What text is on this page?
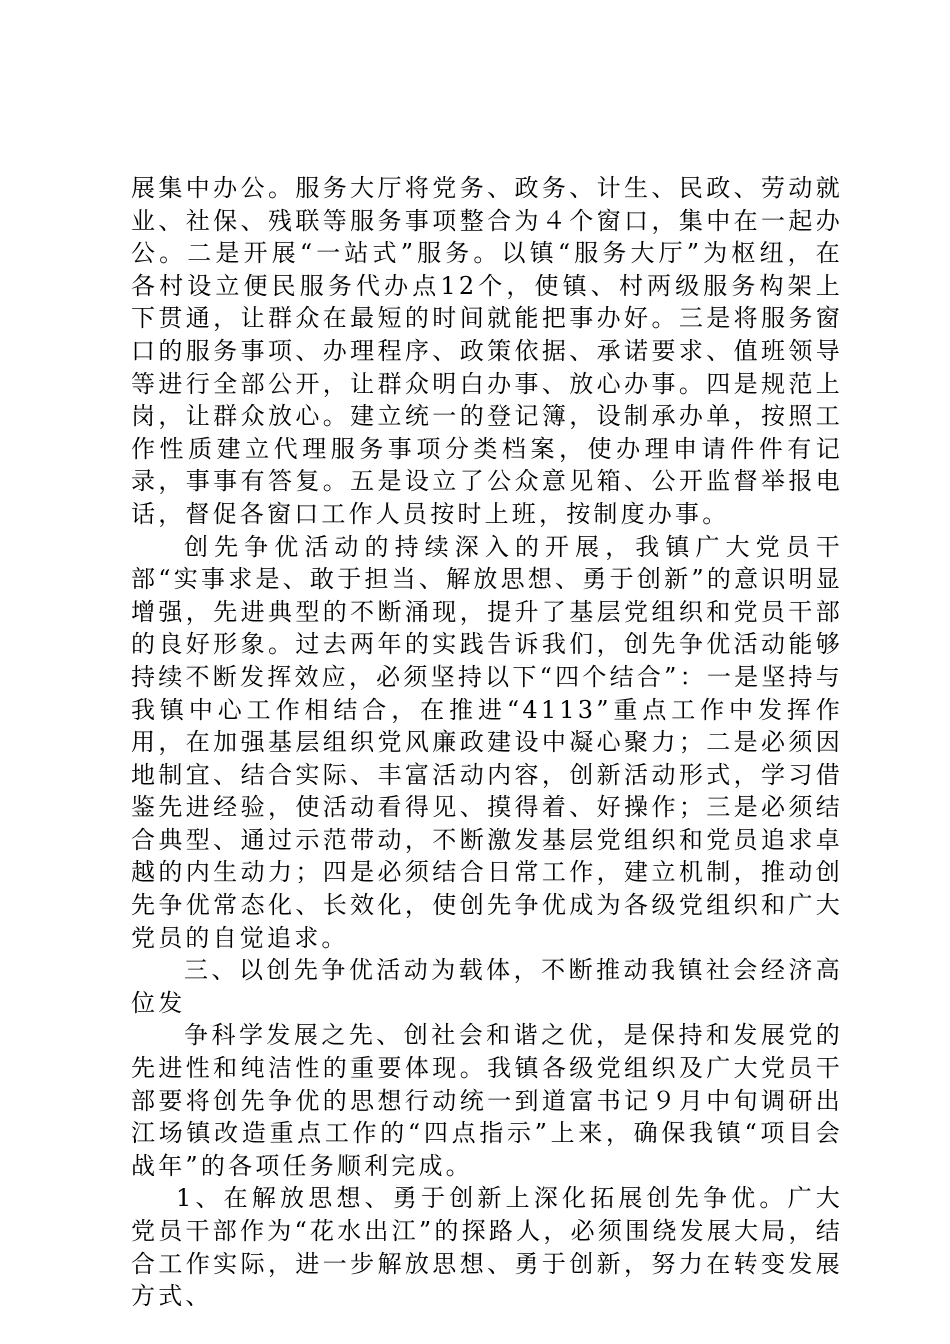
展集中办公。服务大厅将党务、政务、计生、民政、劳动就业、社保、残联等服务事项整合为４个窗口，集中在一起办公。二是开展“一站式”服务。以镇“服务大厅”为枢纽，在各村设立便民服务代办点12个，使镇、村两级服务构架上下贯通，让群众在最短的时间就能把事办好。三是将服务窗口的服务事项、办理程序、政策依据、承诺要求、值班领导等进行全部公开，让群众明白办事、放心办事。四是规范上岗，让群众放心。建立统一的登记簿，设制承办单，按照工作性质建立代理服务事项分类档案，使办理申请件件有记录，事事有答复。五是设立了公众意见箱、公开监督举报电话，督促各窗口工作人员按时上班，按制度办事。

创先争优活动的持续深入的开展，我镇广大党员干部“实事求是、敢于担当、解放思想、勇于创新”的意识明显增强，先进典型的不断涌现，提升了基层党组织和党员干部的良好形象。过去两年的实践告诉我们，创先争优活动能够持续不断发挥效应，必须坚持以下“四个结合”：一是坚持与我镇中心工作相结合，在推进“4113”重点工作中发挥作用，在加强基层组织党风廉政建设中凝心聚力；二是必须因地制宜、结合实际、丰富活动内容，创新活动形式，学习借鉴先进经验，使活动看得见、摸得着、好操作；三是必须结合典型、通过示范带动，不断激发基层党组织和党员追求卓越的内生动力；四是必须结合日常工作，建立机制，推动创先争优常态化、长效化，使创先争优成为各级党组织和广大党员的自觉追求。

三、以创先争优活动为载体，不断推动我镇社会经济高位发

争科学发展之先、创社会和谐之优，是保持和发展党的先进性和纯洁性的重要体现。我镇各级党组织及广大党员干部要将创先争优的思想行动统一到道富书记９月中旬调研出江场镇改造重点工作的“四点指示”上来，确保我镇“项目会战年”的各项任务顺利完成。

1、在解放思想、勇于创新上深化拓展创先争优。广大党员干部作为“花水出江”的探路人，必须围绕发展大局，结合工作实际，进一步解放思想、勇于创新，努力在转变发展方式、
